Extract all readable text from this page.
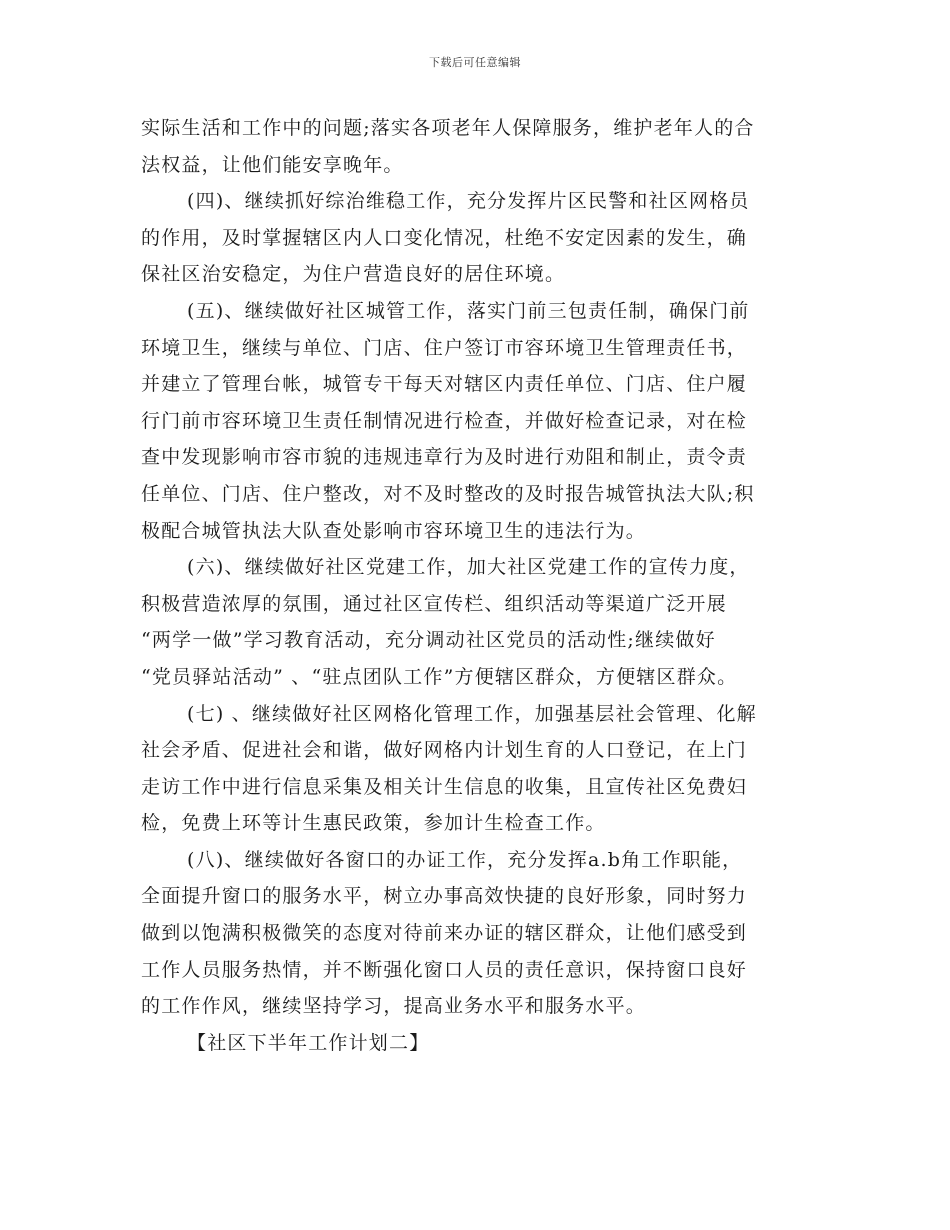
下载后可任意编辑
实际生活和工作中的问题;落实各项老年人保障服务，维护老年人的合
法权益，让他们能安享晚年。
(四)、继续抓好综治维稳工作，充分发挥片区民警和社区网格员
的作用，及时掌握辖区内人口变化情况，杜绝不安定因素的发生，确
保社区治安稳定，为住户营造良好的居住环境。
(五)、继续做好社区城管工作，落实门前三包责任制，确保门前
环境卫生，继续与单位、门店、住户签订市容环境卫生管理责任书，
并建立了管理台帐，城管专干每天对辖区内责任单位、门店、住户履
行门前市容环境卫生责任制情况进行检查，并做好检查记录，对在检
查中发现影响市容市貌的违规违章行为及时进行劝阻和制止，责令责
任单位、门店、住户整改，对不及时整改的及时报告城管执法大队;积
极配合城管执法大队查处影响市容环境卫生的违法行为。
(六)、继续做好社区党建工作，加大社区党建工作的宣传力度，
积极营造浓厚的氛围，通过社区宣传栏、组织活动等渠道广泛开展
“两学一做”学习教育活动，充分调动社区党员的活动性;继续做好
“党员驿站活动” 、“驻点团队工作”方便辖区群众，方便辖区群众。
(七) 、继续做好社区网格化管理工作，加强基层社会管理、化解
社会矛盾、促进社会和谐，做好网格内计划生育的人口登记，在上门
走访工作中进行信息采集及相关计生信息的收集，且宣传社区免费妇
检，免费上环等计生惠民政策，参加计生检查工作。
(八)、继续做好各窗口的办证工作，充分发挥a.b角工作职能，
全面提升窗口的服务水平，树立办事高效快捷的良好形象，同时努力
做到以饱满积极微笑的态度对待前来办证的辖区群众，让他们感受到
工作人员服务热情，并不断强化窗口人员的责任意识，保持窗口良好
的工作作风，继续坚持学习，提高业务水平和服务水平。
【社区下半年工作计划二】
